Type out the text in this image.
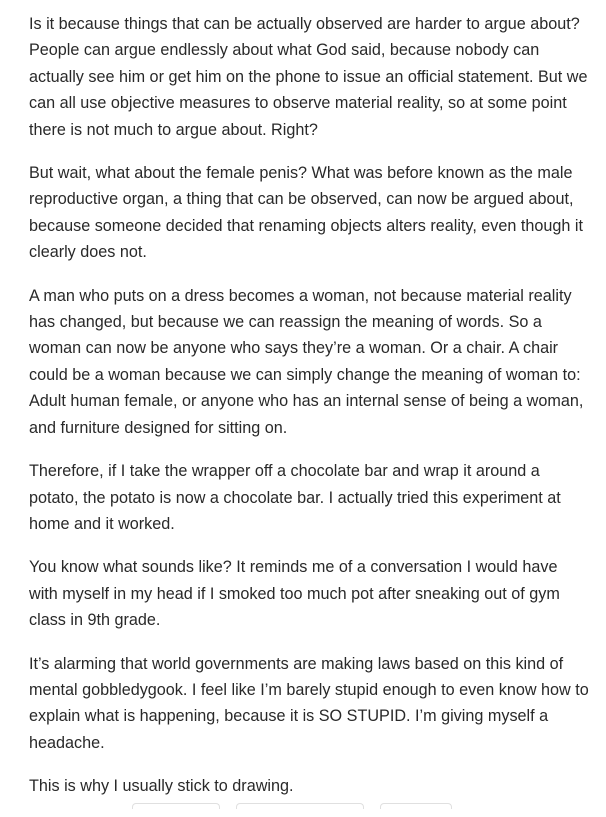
Is it because things that can be actually observed are harder to argue about? People can argue endlessly about what God said, because nobody can actually see him or get him on the phone to issue an official statement. But we can all use objective measures to observe material reality, so at some point there is not much to argue about. Right?

But wait, what about the female penis? What was before known as the male reproductive organ, a thing that can be observed, can now be argued about, because someone decided that renaming objects alters reality, even though it clearly does not.

A man who puts on a dress becomes a woman, not because material reality has changed, but because we can reassign the meaning of words. So a woman can now be anyone who says they’re a woman. Or a chair. A chair could be a woman because we can simply change the meaning of woman to: Adult human female, or anyone who has an internal sense of being a woman, and furniture designed for sitting on.

Therefore, if I take the wrapper off a chocolate bar and wrap it around a potato, the potato is now a chocolate bar. I actually tried this experiment at home and it worked.

You know what sounds like? It reminds me of a conversation I would have with myself in my head if I smoked too much pot after sneaking out of gym class in 9th grade.

It’s alarming that world governments are making laws based on this kind of mental gobbledygook. I feel like I’m barely stupid enough to even know how to explain what is happening, because it is SO STUPID. I’m giving myself a headache.

This is why I usually stick to drawing.
